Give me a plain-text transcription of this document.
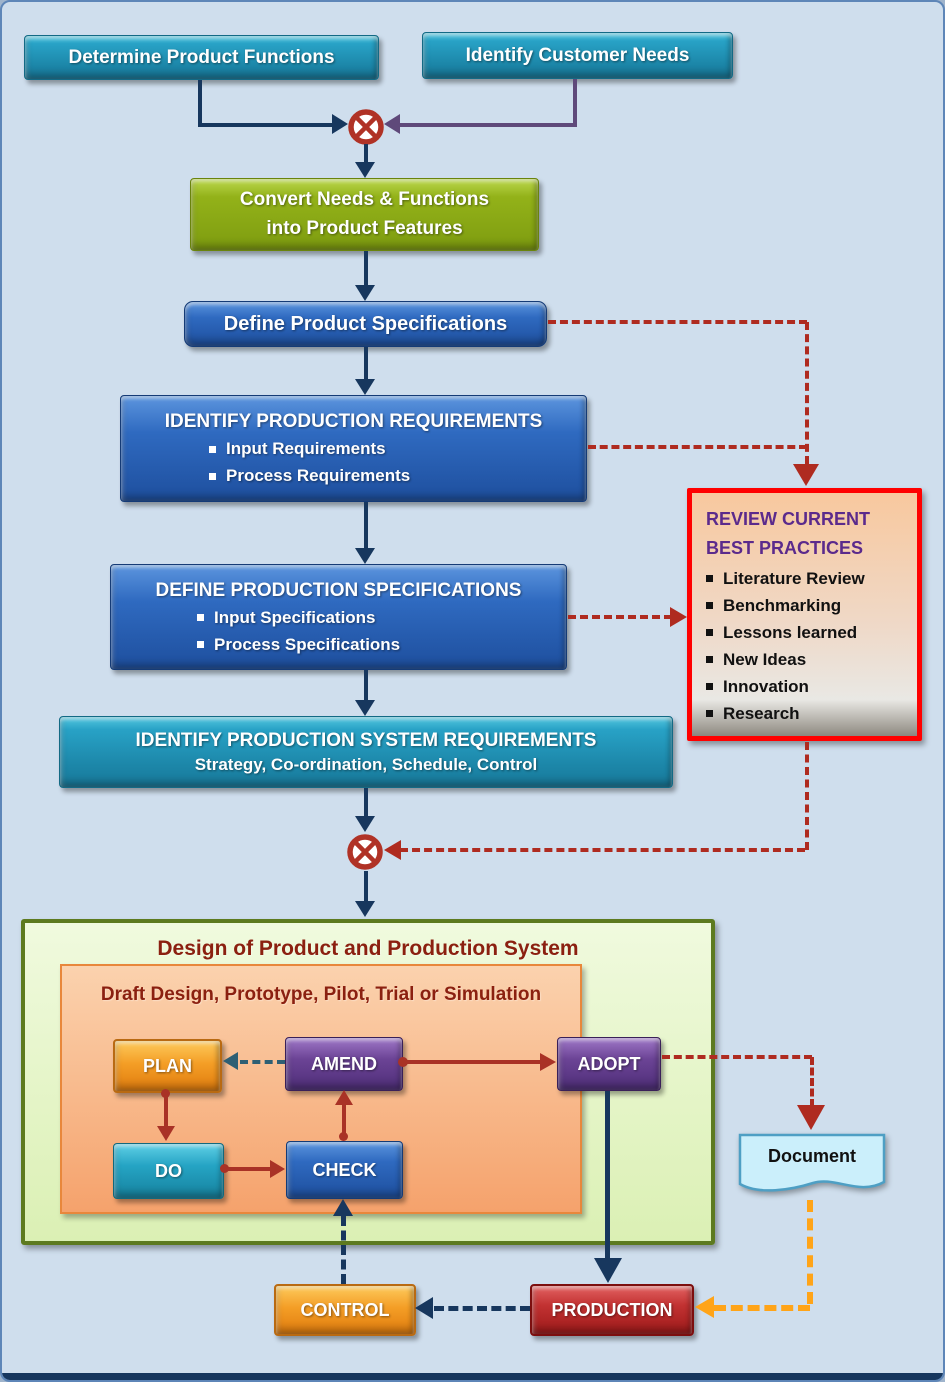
Design of Product and Production System
Draft Design, Prototype, Pilot, Trial or Simulation
Determine Product Functions	Identify Customer Needs
Convert Needs & Functions
into Product Features
Define Product Specifications
IDENTIFY PRODUCTION REQUIREMENTS
Input Requirements
Process Requirements
REVIEW CURRENT
BEST PRACTICES
Literature Review
Benchmarking
Lessons learned
New Ideas
Innovation
Research
DEFINE PRODUCTION SPECIFICATIONS
Input Specifications
Process Specifications
IDENTIFY PRODUCTION SYSTEM REQUIREMENTS
Strategy, Co-ordination, Schedule, Control
PLAN	AMEND	ADOPT
DO	CHECK
Document
CONTROL	PRODUCTION
